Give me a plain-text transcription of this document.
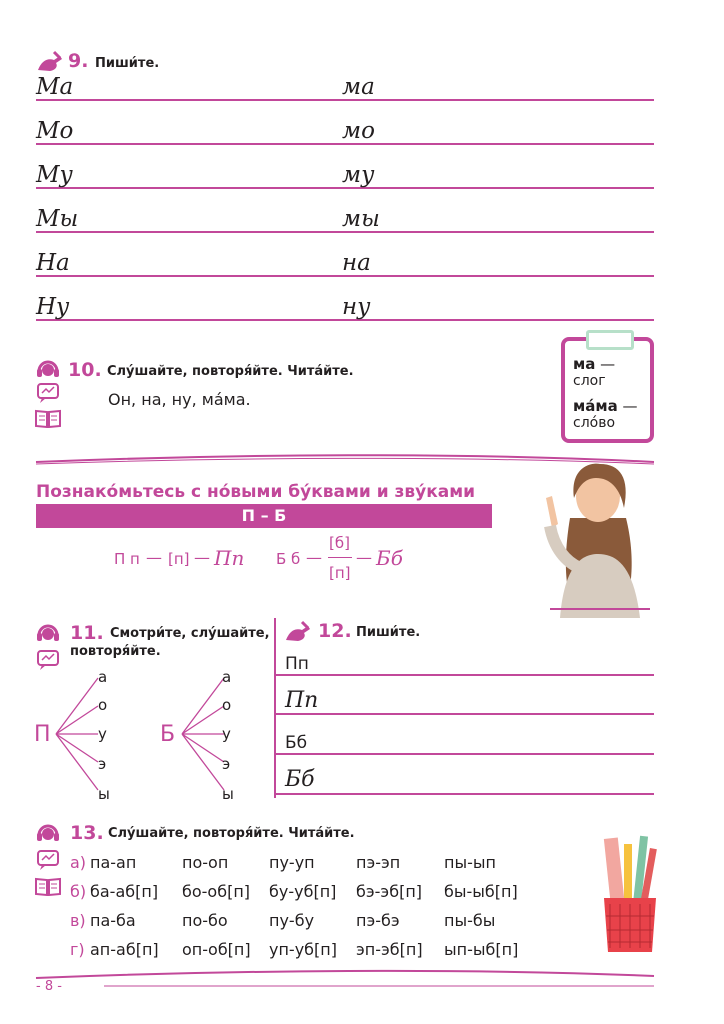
9. Пиши́те.
Ма	ма
Мо	мо
Му	му
Мы	мы
На	на
Ну	ну
10. Слу́шайте, повторя́йте. Чита́йте.
Он, на, ну, ма́ма.
ма —
слог
ма́ма —
сло́во
Познако́мьтесь с но́выми бу́квами и зву́ками
П – Б
П п — [п] — Пп Б б —
[б]
[п]
— Бб
11. Смотри́те, слу́шайте,
повторя́йте.
П
а
о
у
э
ы
Б
а
о
у
э
ы
12. Пиши́те.
Пп
Пп
Бб
Бб
13. Слу́шайте, повторя́йте. Чита́йте.
а) па-ап	по-оп	пу-уп	пэ-эп	пы-ып
б) ба-аб[п] бо-об[п] бу-уб[п] бэ-эб[п] бы-ыб[п]
в) па-ба	по-бо	пу-бу	пэ-бэ	пы-бы
г) ап-аб[п] оп-об[п] уп-уб[п] эп-эб[п] ып-ыб[п]
- 8 -
